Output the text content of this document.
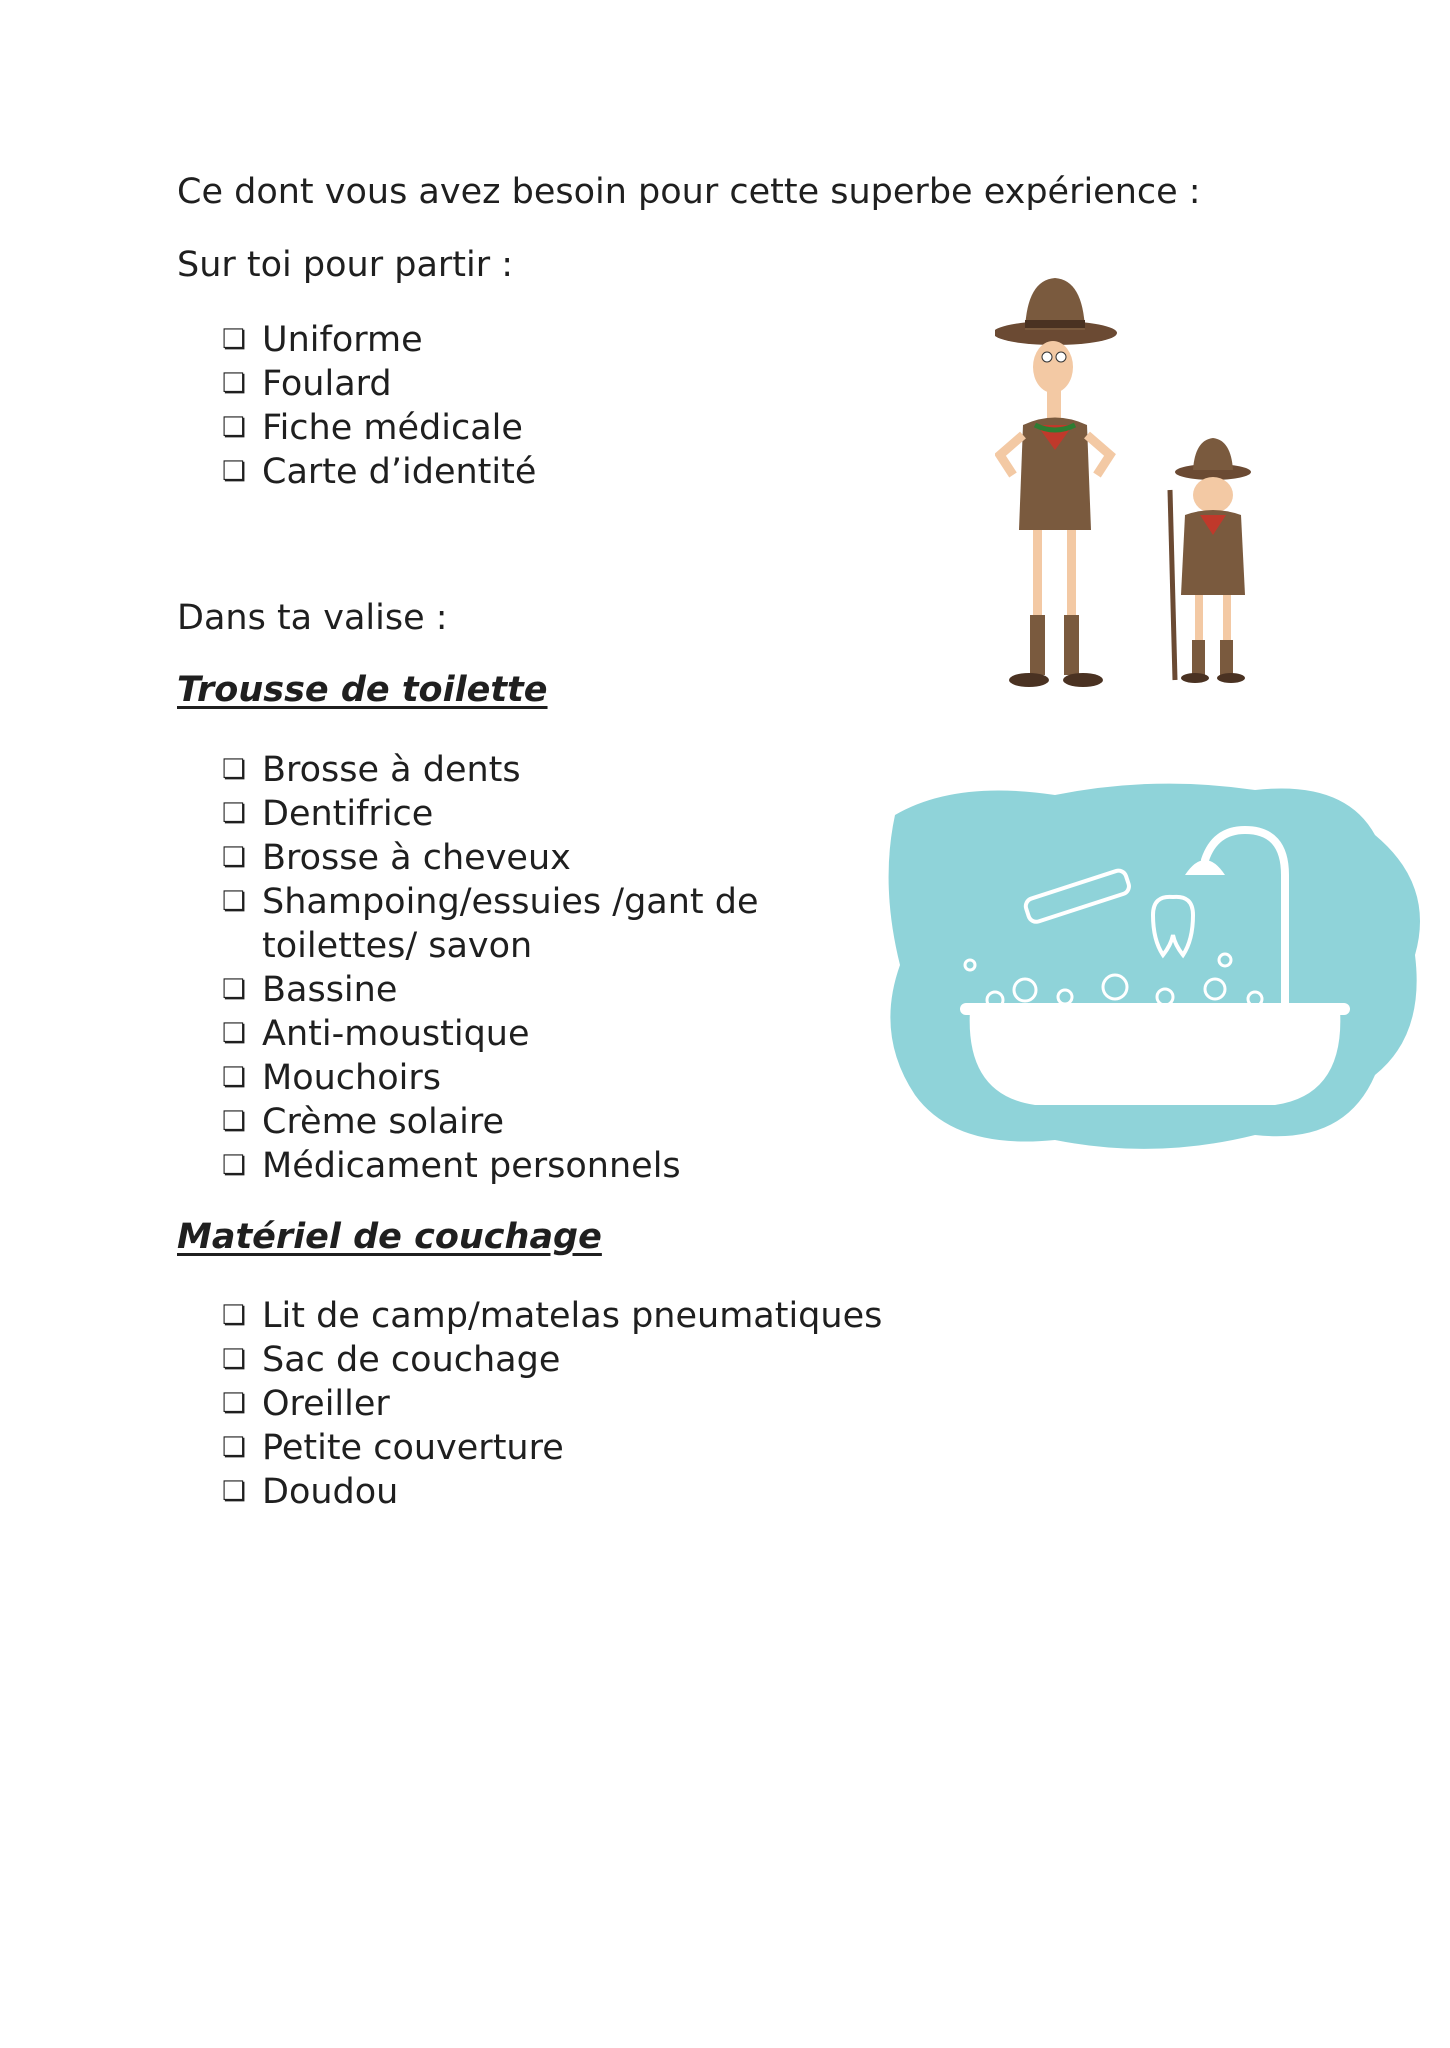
Ce dont vous avez besoin pour cette superbe expérience :
Sur toi pour partir :
❏ Uniforme
❏ Foulard
❏ Fiche médicale
❏ Carte d’identité
Dans ta valise :
Trousse de toilette
❏ Brosse à dents
❏ Dentifrice
❏ Brosse à cheveux
❏ Shampoing/essuies /gant de toilettes/ savon
❏ Bassine
❏ Anti-moustique
❏ Mouchoirs
❏ Crème solaire
❏ Médicament personnels
Matériel de couchage
❏ Lit de camp/matelas pneumatiques
❏ Sac de couchage
❏ Oreiller
❏ Petite couverture
❏ Doudou
